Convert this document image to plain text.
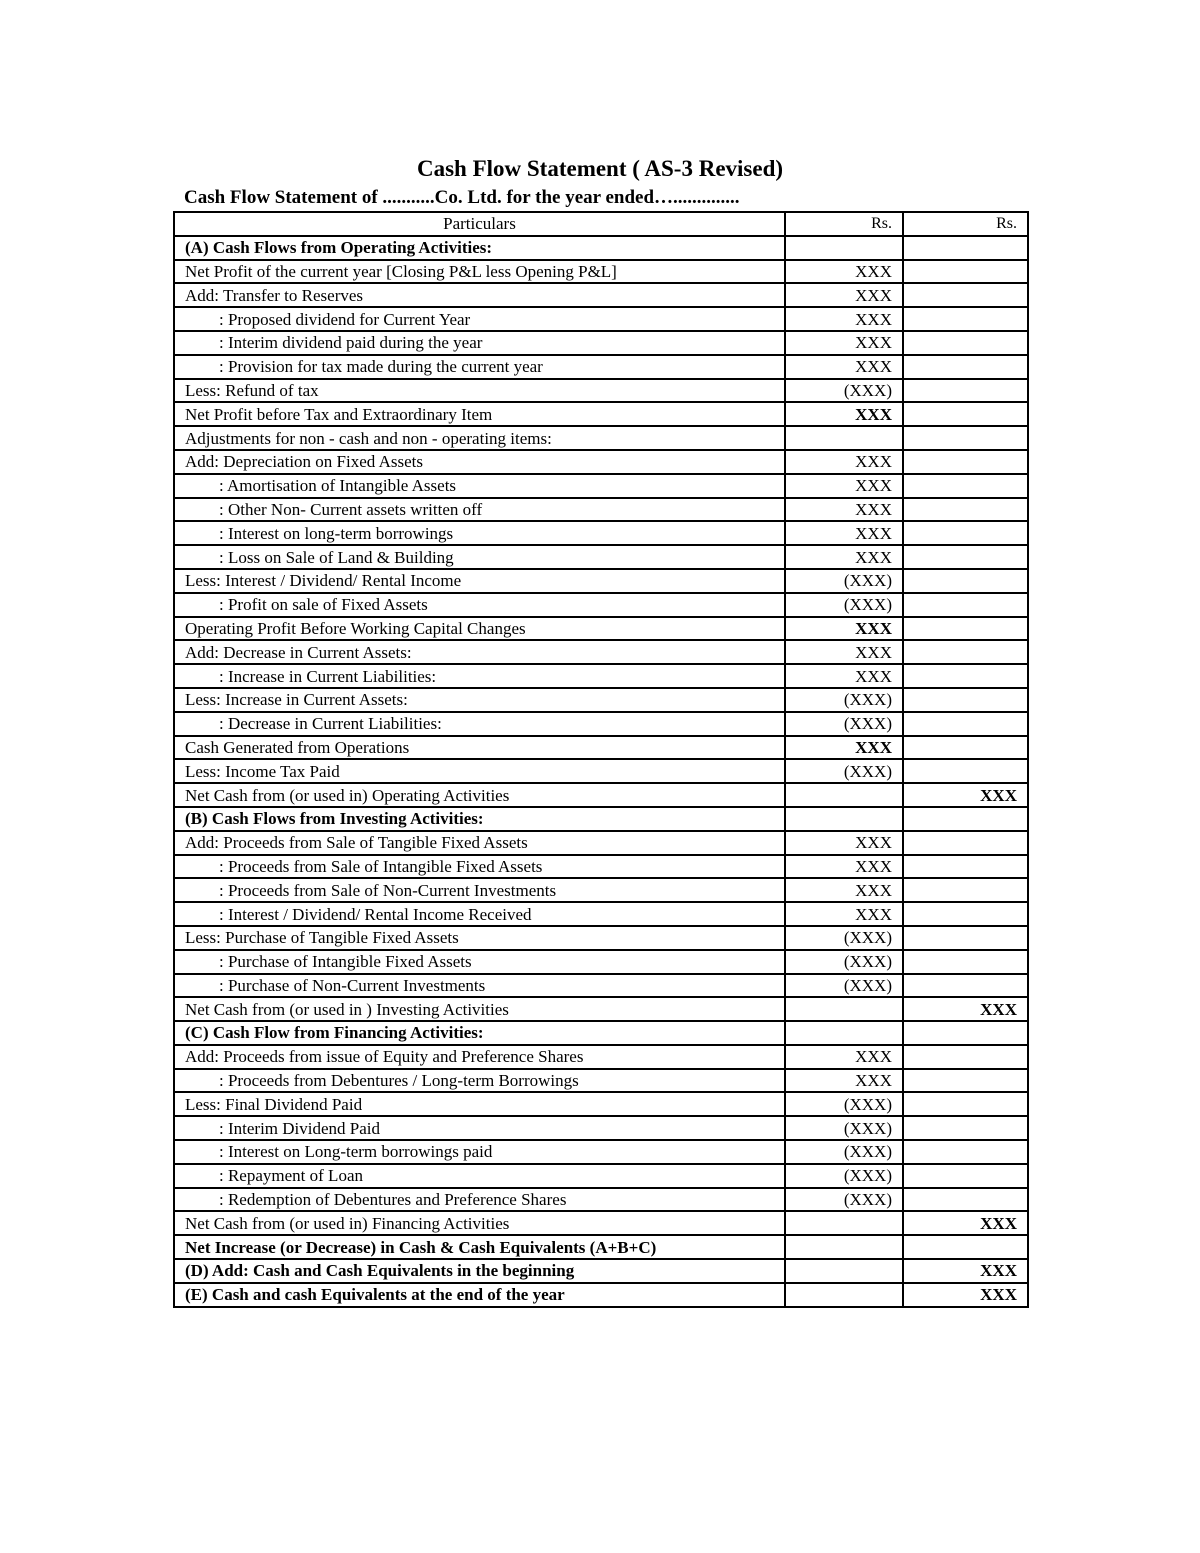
Cash Flow Statement ( AS-3 Revised)
Cash Flow Statement of ...........Co. Ltd. for the year ended…..............
Particulars	Rs.	Rs.
(A) Cash Flows from Operating Activities:		
Net Profit of the current year [Closing P&L less Opening P&L]	XXX	
Add: Transfer to Reserves	XXX	
: Proposed dividend for Current Year	XXX	
: Interim dividend paid during the year	XXX	
: Provision for tax made during the current year	XXX	
Less: Refund of tax	(XXX)	
Net Profit before Tax and Extraordinary Item	XXX	
Adjustments for non - cash and non - operating items:		
Add: Depreciation on Fixed Assets	XXX	
: Amortisation of Intangible Assets	XXX	
: Other Non- Current assets written off	XXX	
: Interest on long-term borrowings	XXX	
: Loss on Sale of Land & Building	XXX	
Less: Interest / Dividend/ Rental Income	(XXX)	
: Profit on sale of Fixed Assets	(XXX)	
Operating Profit Before Working Capital Changes	XXX	
Add: Decrease in Current Assets:	XXX	
: Increase in Current Liabilities:	XXX	
Less: Increase in Current Assets:	(XXX)	
: Decrease in Current Liabilities:	(XXX)	
Cash Generated from Operations	XXX	
Less: Income Tax Paid	(XXX)	
Net Cash from (or used in) Operating Activities		XXX
(B) Cash Flows from Investing Activities:		
Add: Proceeds from Sale of Tangible Fixed Assets	XXX	
: Proceeds from Sale of Intangible Fixed Assets	XXX	
: Proceeds from Sale of Non-Current Investments	XXX	
: Interest / Dividend/ Rental Income Received	XXX	
Less: Purchase of Tangible Fixed Assets	(XXX)	
: Purchase of Intangible Fixed Assets	(XXX)	
: Purchase of Non-Current Investments	(XXX)	
Net Cash from (or used in ) Investing Activities		XXX
(C) Cash Flow from Financing Activities:		
Add: Proceeds from issue of Equity and Preference Shares	XXX	
: Proceeds from Debentures / Long-term Borrowings	XXX	
Less: Final Dividend Paid	(XXX)	
: Interim Dividend Paid	(XXX)	
: Interest on Long-term borrowings paid	(XXX)	
: Repayment of Loan	(XXX)	
: Redemption of Debentures and Preference Shares	(XXX)	
Net Cash from (or used in) Financing Activities		XXX
Net Increase (or Decrease) in Cash & Cash Equivalents (A+B+C)		
(D) Add: Cash and Cash Equivalents in the beginning		XXX
(E) Cash and cash Equivalents at the end of the year		XXX
